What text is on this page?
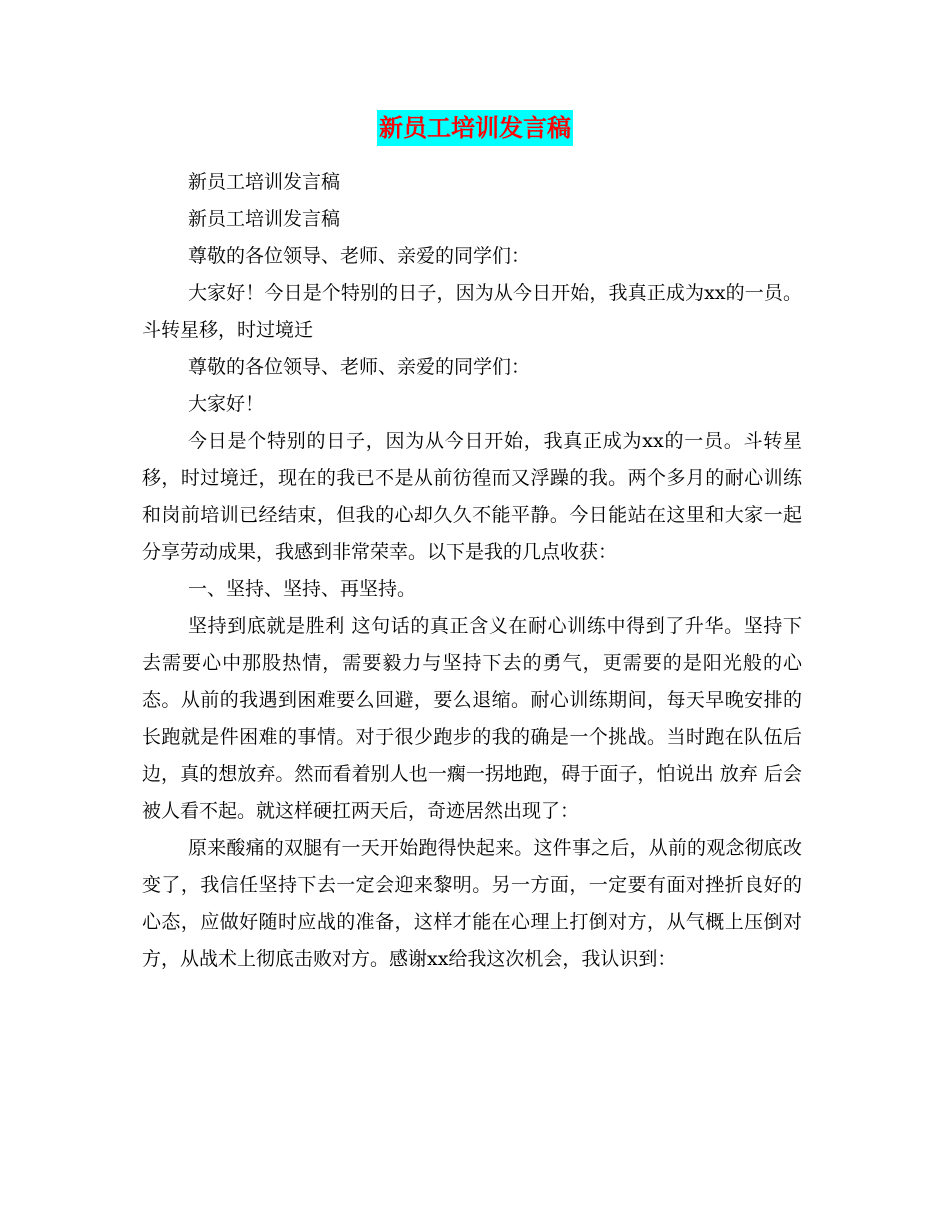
新员工培训发言稿

新员工培训发言稿

新员工培训发言稿

尊敬的各位领导、老师、亲爱的同学们：

大家好！今日是个特别的日子，因为从今日开始，我真正成为xx的一员。斗转星移，时过境迁

尊敬的各位领导、老师、亲爱的同学们：

大家好！

今日是个特别的日子，因为从今日开始，我真正成为xx的一员。斗转星移，时过境迁，现在的我已不是从前彷徨而又浮躁的我。两个多月的耐心训练和岗前培训已经结束，但我的心却久久不能平静。今日能站在这里和大家一起分享劳动成果，我感到非常荣幸。以下是我的几点收获：

一、坚持、坚持、再坚持。

坚持到底就是胜利 这句话的真正含义在耐心训练中得到了升华。坚持下去需要心中那股热情，需要毅力与坚持下去的勇气，更需要的是阳光般的心态。从前的我遇到困难要么回避，要么退缩。耐心训练期间，每天早晚安排的长跑就是件困难的事情。对于很少跑步的我的确是一个挑战。当时跑在队伍后边，真的想放弃。然而看着别人也一瘸一拐地跑，碍于面子，怕说出 放弃 后会被人看不起。就这样硬扛两天后，奇迹居然出现了：

原来酸痛的双腿有一天开始跑得快起来。这件事之后，从前的观念彻底改变了，我信任坚持下去一定会迎来黎明。另一方面，一定要有面对挫折良好的心态，应做好随时应战的准备，这样才能在心理上打倒对方，从气概上压倒对方，从战术上彻底击败对方。感谢xx给我这次机会，我认识到：
